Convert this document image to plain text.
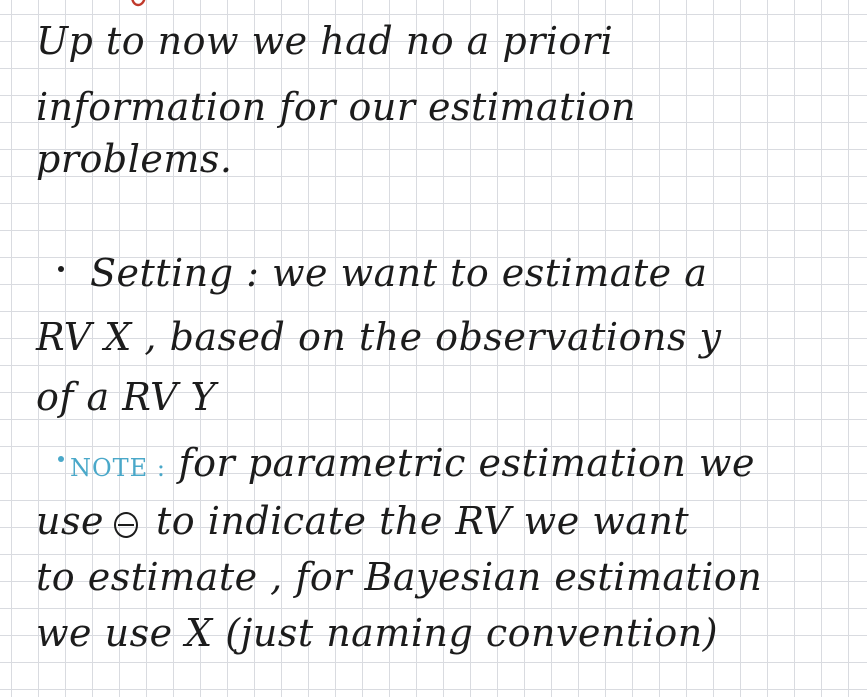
Up to now we had no a priori
information for our estimation
problems.
Setting : we want to estimate a
RV X , based on the observations y
of a RV Y
NOTE : for parametric estimation we
use to indicate the RV we want
to estimate , for Bayesian estimation
we use X (just naming convention)
